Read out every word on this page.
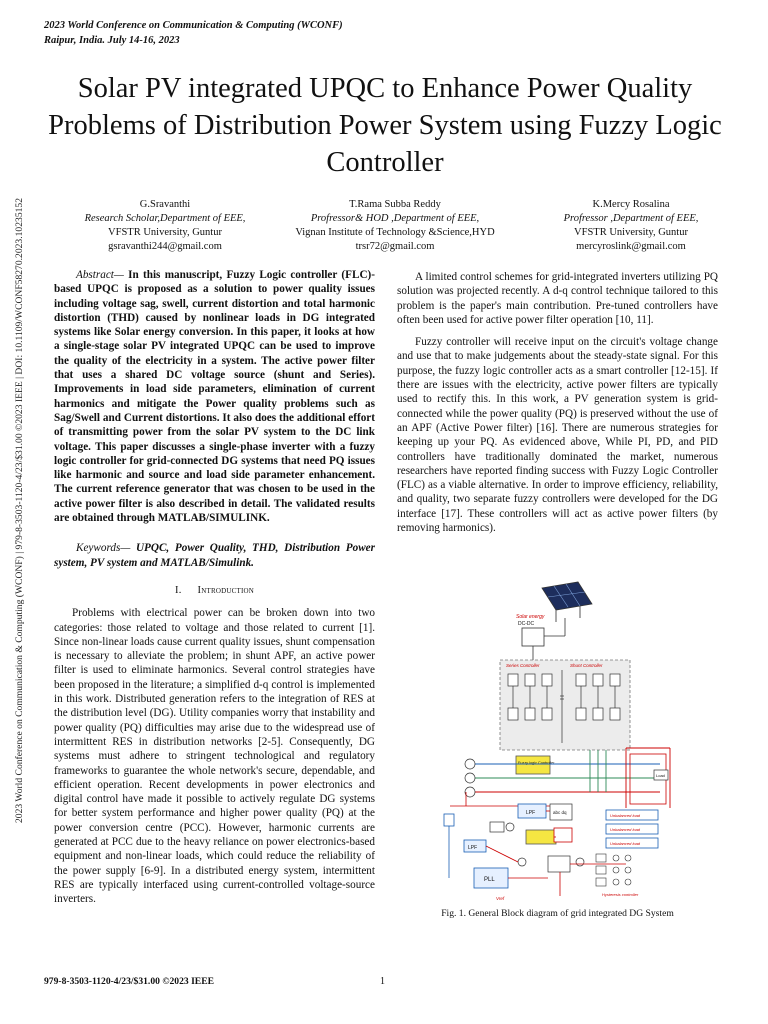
2023 World Conference on Communication & Computing (WCONF) | 979-8-3503-1120-4/23/$31.00 ©2023 IEEE | DOI: 10.1109/WCONF58270.2023.10235152
2023 World Conference on Communication & Computing (WCONF)
Raipur, India. July 14-16, 2023
Solar PV integrated UPQC to Enhance Power Quality Problems of Distribution Power System using Fuzzy Logic Controller
G.Sravanthi
Research Scholar,Department of EEE,
VFSTR University, Guntur
gsravanthi244@gmail.com
T.Rama Subba Reddy
Profressor& HOD ,Department of EEE,
Vignan Institute of Technology &Science,HYD
trsr72@gmail.com
K.Mercy Rosalina
Profressor ,Department of EEE,
VFSTR University, Guntur
mercyroslink@gmail.com

Abstract— In this manuscript, Fuzzy Logic controller (FLC)-based UPQC is proposed as a solution to power quality issues including voltage sag, swell, current distortion and total harmonic distortion (THD) caused by nonlinear loads in DG integrated systems like Solar energy conversion. In this paper, it looks at how a single-stage solar PV integrated UPQC can be used to improve the quality of the electricity in a system. The active power filter that uses a shared DC voltage source (shunt and Series). Improvements in load side parameters, elimination of current harmonics and mitigate the Power quality problems such as Sag/Swell and Current distortions. It also does the additional effort of transmitting power from the solar PV system to the DC link voltage. This paper discusses a single-phase inverter with a fuzzy logic controller for grid-connected DG systems that need PQ issues like harmonic and source and load side parameter enhancement. The current reference generator that was chosen to be used in the active power filter is also described in detail. The validated results are obtained through MATLAB/SIMULINK.

Keywords— UPQC, Power Quality, THD, Distribution Power system, PV system and MATLAB/Simulink.

I. Introduction

Problems with electrical power can be broken down into two categories: those related to voltage and those related to current [1]. Since non-linear loads cause current quality issues, shunt compensation is necessary to alleviate the problem; in shunt APF, an active power filter is used to eliminate harmonics. Several control strategies have been proposed in the literature; a simplified d-q control is implemented in this work. Distributed generation refers to the integration of RES at the distribution level (DG). Utility companies worry that instability and power quality (PQ) difficulties may arise due to the widespread use of intermittent RES in distribution networks [2-5]. Consequently, DG systems must adhere to stringent technological and regulatory frameworks to guarantee the whole network's secure, dependable, and efficient operation. Recent developments in power electronics and digital control have made it possible to actively regulate DG systems for better system performance and higher power quality (PQ) at the power conversion centre (PCC). However, harmonic currents are generated at PCC due to the heavy reliance on power electronics-based equipment and non-linear loads, which could reduce the reliability of the power supply [6-9]. In a distributed energy system, intermittent RES are typically interfaced using current-controlled voltage-source inverters.

A limited control schemes for grid-integrated inverters utilizing PQ solution was projected recently. A d-q control technique tailored to this problem is the paper's main contribution. Pre-tuned controllers have often been used for active power filter operation [10, 11].

Fuzzy controller will receive input on the circuit's voltage change and use that to make judgements about the steady-state signal. For this purpose, the fuzzy logic controller acts as a smart controller [12-15]. If there are issues with the electricity, active power filters are typically used to rectify this. In this work, a PV generation system is grid-connected while the power quality (PQ) is preserved without the use of an APF (Active Power filter) [16]. There are numerous strategies for keeping up your PQ. As evidenced above, While PI, PD, and PID controllers have traditionally dominated the market, numerous researchers have reported finding success with Fuzzy Logic Controller (FLC) as a viable alternative. In order to improve efficiency, reliability, and quality, two separate fuzzy controllers were developed for the DG interface [17]. These controllers will act as active power filters (by removing harmonics).

Solar energy
DC-DC
Series Controller	Shunt Controller
Fuzzy logic Controller
Load
LPF
LPF
abc dq
PLL
Vref
Unbalanced load
Unbalanced load
Unbalanced load
Hysteresis controller
Fig. 1. General Block diagram of grid integrated DG System
979-8-3503-1120-4/23/$31.00 ©2023 IEEE	1
